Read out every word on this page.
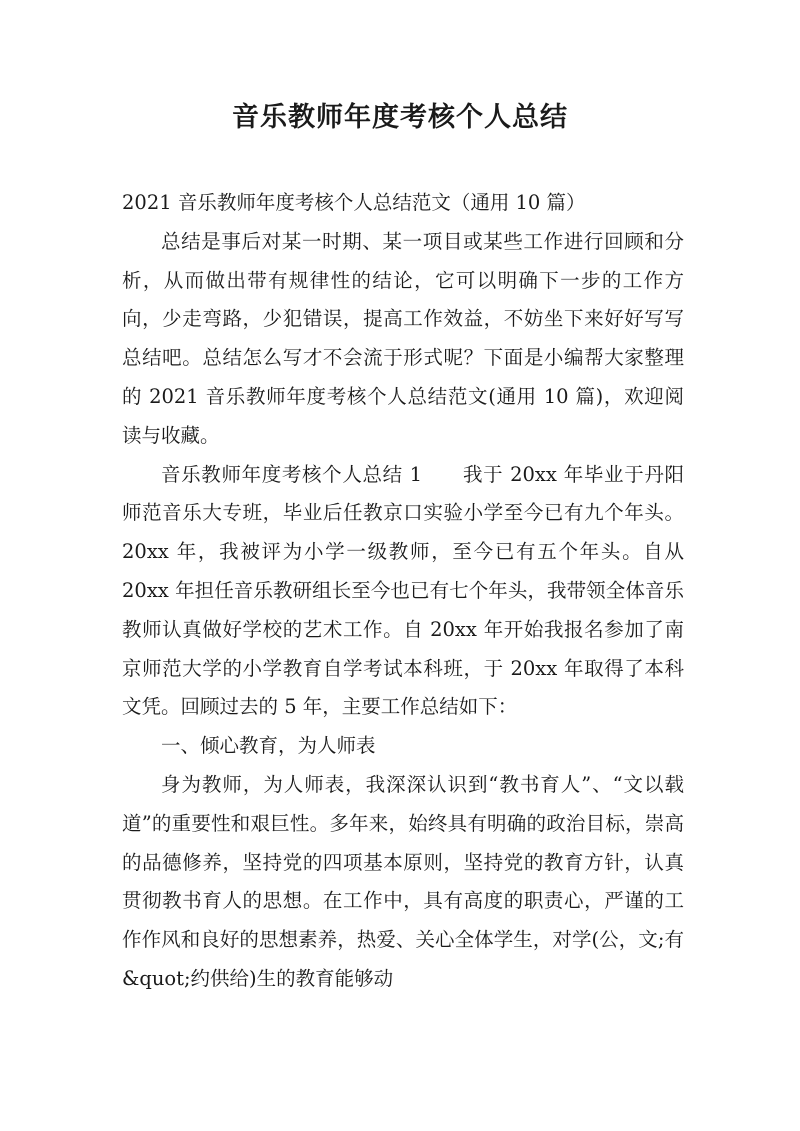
音乐教师年度考核个人总结

2021 音乐教师年度考核个人总结范文（通用 10 篇）

总结是事后对某一时期、某一项目或某些工作进行回顾和分析，从而做出带有规律性的结论，它可以明确下一步的工作方向，少走弯路，少犯错误，提高工作效益，不妨坐下来好好写写总结吧。总结怎么写才不会流于形式呢？下面是小编帮大家整理的 2021 音乐教师年度考核个人总结范文(通用 10 篇)，欢迎阅读与收藏。

音乐教师年度考核个人总结 1　　我于 20xx 年毕业于丹阳师范音乐大专班，毕业后任教京口实验小学至今已有九个年头。20xx 年，我被评为小学一级教师，至今已有五个年头。自从 20xx 年担任音乐教研组长至今也已有七个年头，我带领全体音乐教师认真做好学校的艺术工作。自 20xx 年开始我报名参加了南京师范大学的小学教育自学考试本科班，于 20xx 年取得了本科文凭。回顾过去的 5 年，主要工作总结如下：

一、倾心教育，为人师表

身为教师，为人师表，我深深认识到“教书育人”、“文以载道”的重要性和艰巨性。多年来，始终具有明确的政治目标，崇高的品德修养，坚持党的四项基本原则，坚持党的教育方针，认真贯彻教书育人的思想。在工作中，具有高度的职责心，严谨的工作作风和良好的思想素养，热爱、关心全体学生，对学(公，文;有&quot;约供给)生的教育能够动
